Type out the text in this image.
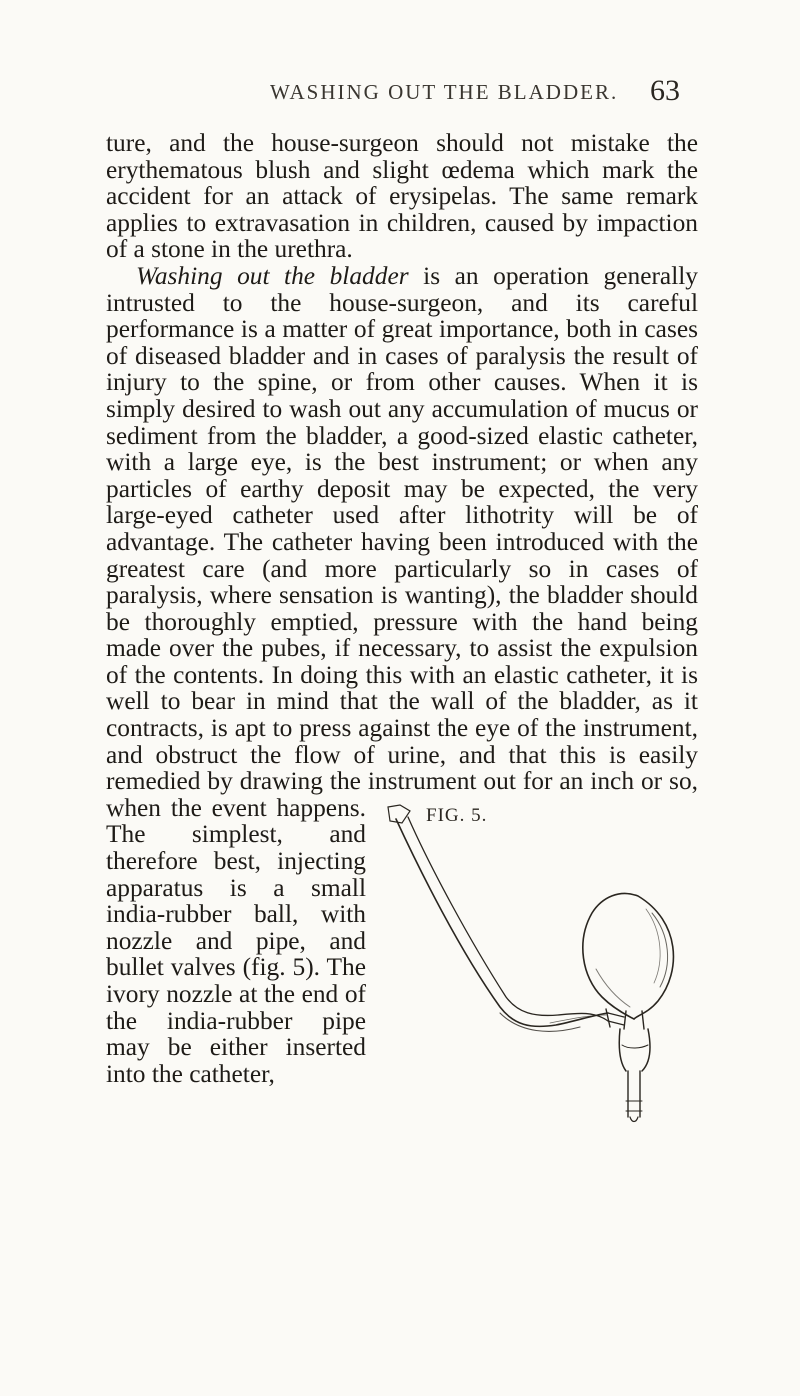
WASHING OUT THE BLADDER.	63

ture, and the house-surgeon should not mistake the erythematous blush and slight œdema which mark the accident for an attack of erysipelas. The same remark applies to extravasation in children, caused by impaction of a stone in the urethra.

Washing out the bladder is an operation generally intrusted to the house-surgeon, and its careful performance is a matter of great importance, both in cases of diseased bladder and in cases of paralysis the result of injury to the spine, or from other causes. When it is simply desired to wash out any accumulation of mucus or sediment from the bladder, a good-sized elastic catheter, with a large eye, is the best instrument; or when any particles of earthy deposit may be expected, the very large-eyed catheter used after lithotrity will be of advantage. The catheter having been introduced with the greatest care (and more particularly so in cases of paralysis, where sensation is wanting), the bladder should be thoroughly emptied, pressure with the hand being made over the pubes, if necessary, to assist the expulsion of the contents. In doing this with an elastic catheter, it is well to bear in mind that the wall of the bladder, as it contracts, is apt to press against the eye of the instrument, and obstruct the flow of urine, and that this is easily remedied by drawing the instrument
FIG. 5.
out for an inch or so, when the event happens. The simplest, and therefore best, injecting apparatus is a small india-rubber ball, with nozzle and pipe, and bullet valves (fig. 5). The ivory nozzle at the end of the india-rubber pipe may be either inserted into the catheter,
